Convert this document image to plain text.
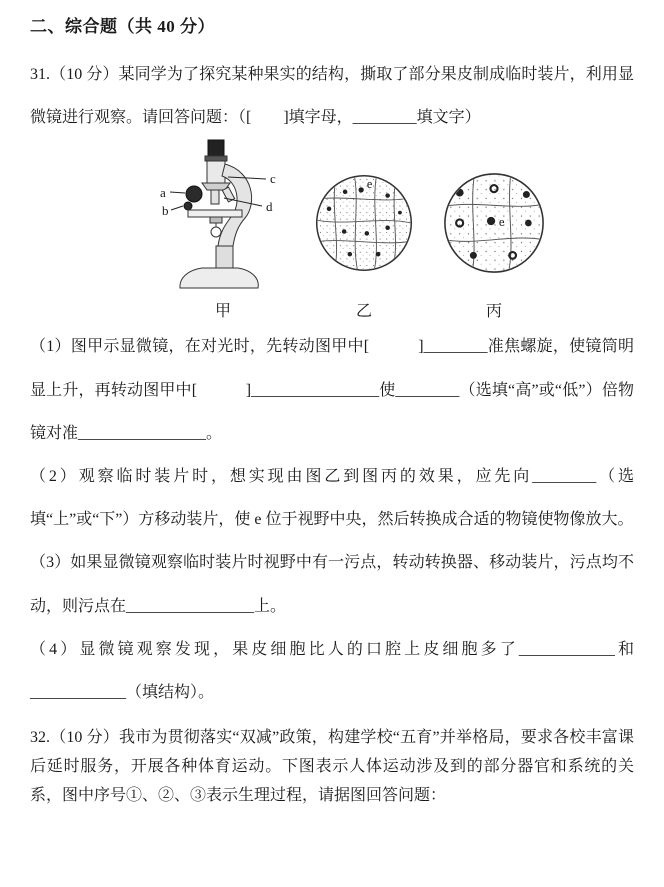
二、综合题（共 40 分）

31.（10 分）某同学为了探究某种果实的结构，撕取了部分果皮制成临时装片，利用显微镜进行观察。请回答问题：（[　　]填字母，________填文字）

a
b
c
d
甲
e
乙
e
丙

（1）图甲示显微镜，在对光时，先转动图甲中[　　　]________准焦螺旋，使镜筒明显上升，再转动图甲中[　　　]________________使________（选填“高”或“低”）倍物镜对准________________。

（2）观察临时装片时，想实现由图乙到图丙的效果，应先向________（选填“上”或“下”）方移动装片，使 e 位于视野中央，然后转换成合适的物镜使物像放大。

（3）如果显微镜观察临时装片时视野中有一污点，转动转换器、移动装片，污点均不动，则污点在________________上。

（4）显微镜观察发现，果皮细胞比人的口腔上皮细胞多了____________和____________（填结构）。

32.（10 分）我市为贯彻落实“双减”政策，构建学校“五育”并举格局，要求各校丰富课后延时服务，开展各种体育运动。下图表示人体运动涉及到的部分器官和系统的关系，图中序号①、②、③表示生理过程，请据图回答问题：
